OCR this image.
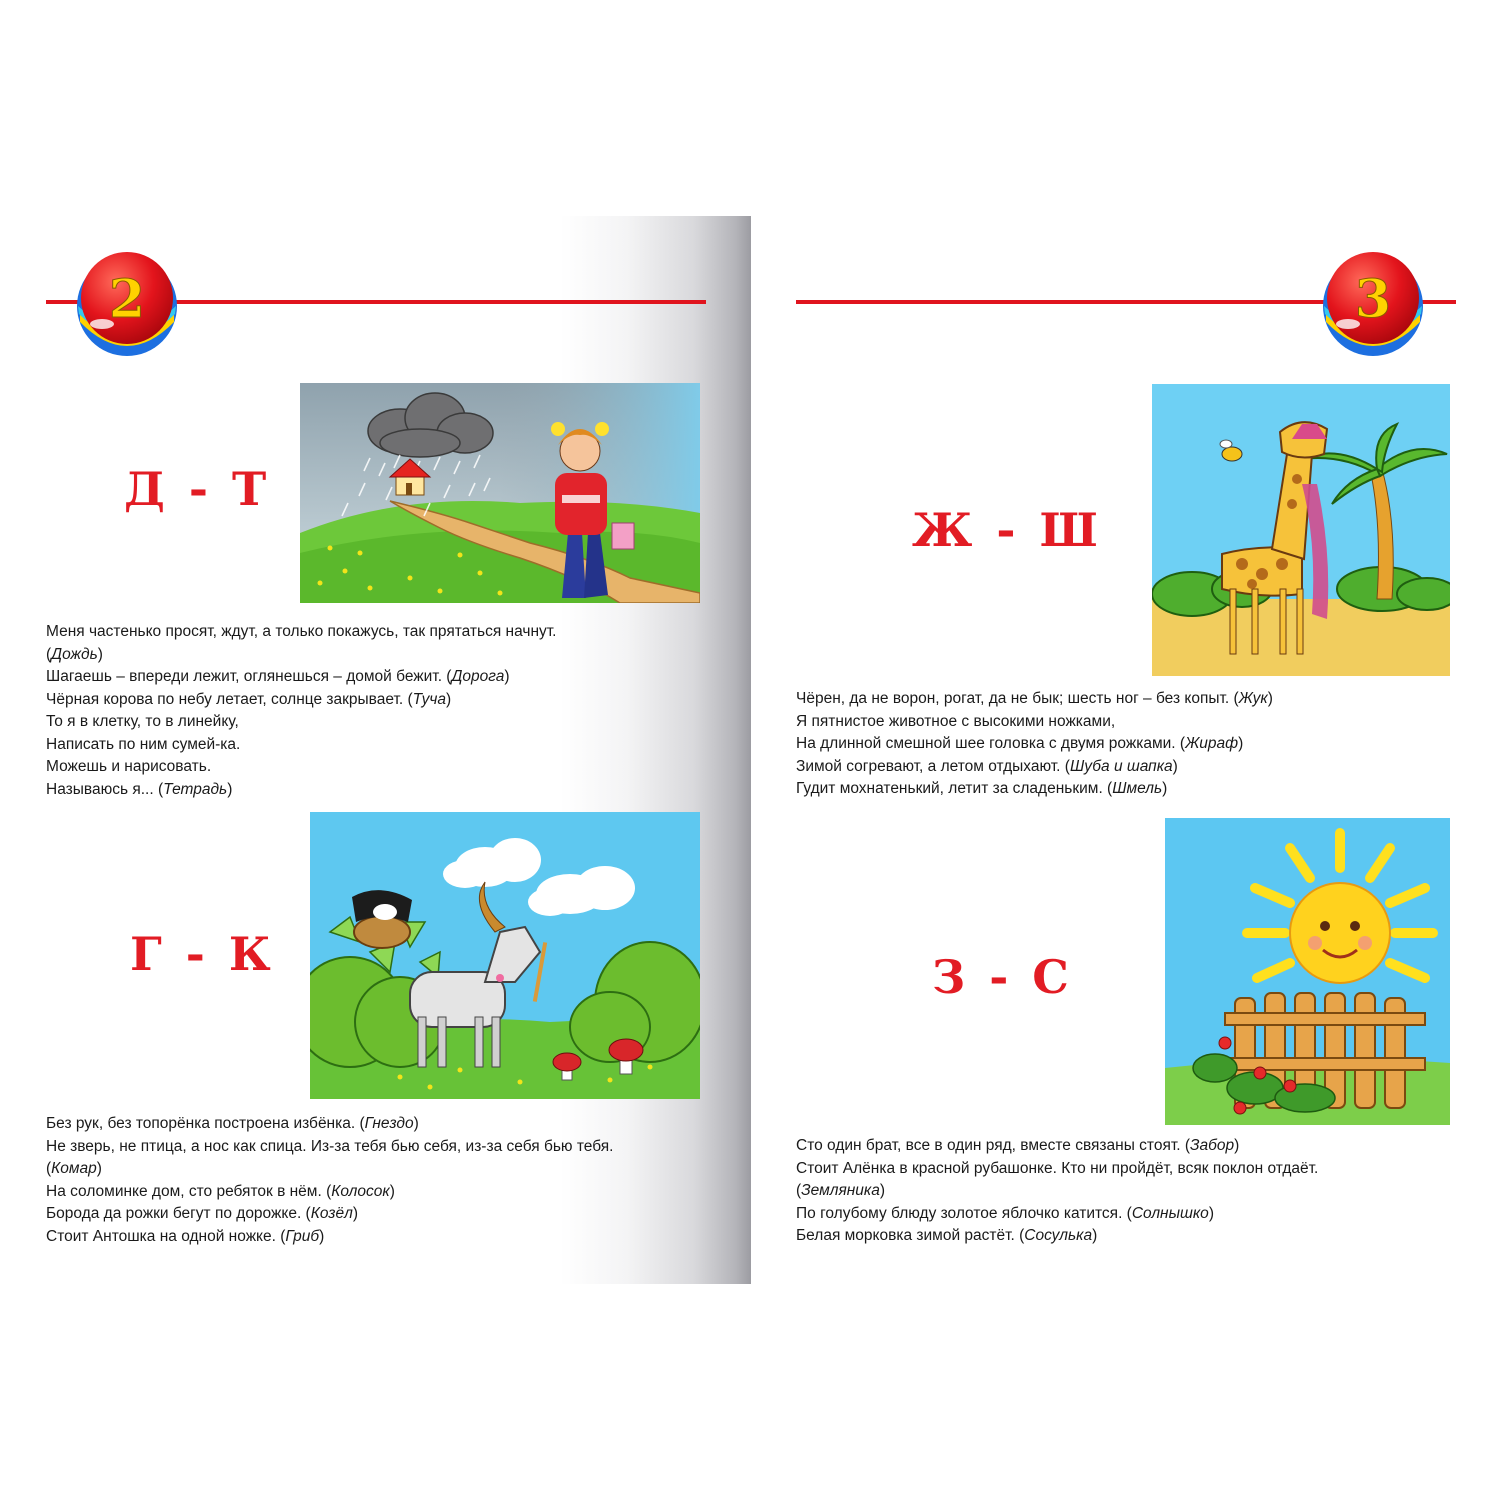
2
Д - Т

Меня частенько просят, ждут, а только покажусь, так прятаться начнут.

(Дождь)

Шагаешь – впереди лежит, оглянешься – домой бежит. (Дорога)

Чёрная корова по небу летает, солнце закрывает. (Туча)

То я в клетку, то в линейку,

Написать по ним сумей-ка.

Можешь и нарисовать.

Называюсь я... (Тетрадь)

Г - К

Без рук, без топорёнка построена избёнка. (Гнездо)

Не зверь, не птица, а нос как спица. Из-за тебя бью себя, из-за себя бью тебя.

(Комар)

На соломинке дом, сто ребяток в нём. (Колосок)

Борода да рожки бегут по дорожке. (Козёл)

Стоит Антошка на одной ножке. (Гриб)

3
Ж - Ш

Чёрен, да не ворон, рогат, да не бык; шесть ног – без копыт. (Жук)

Я пятнистое животное с высокими ножками,

На длинной смешной шее головка с двумя рожками. (Жираф)

Зимой согревают, а летом отдыхают. (Шуба и шапка)

Гудит мохнатенький, летит за сладеньким. (Шмель)

З - С

Сто один брат, все в один ряд, вместе связаны стоят. (Забор)

Стоит Алёнка в красной рубашонке. Кто ни пройдёт, всяк поклон отдаёт.

(Земляника)

По голубому блюду золотое яблочко катится. (Солнышко)

Белая морковка зимой растёт. (Сосулька)
